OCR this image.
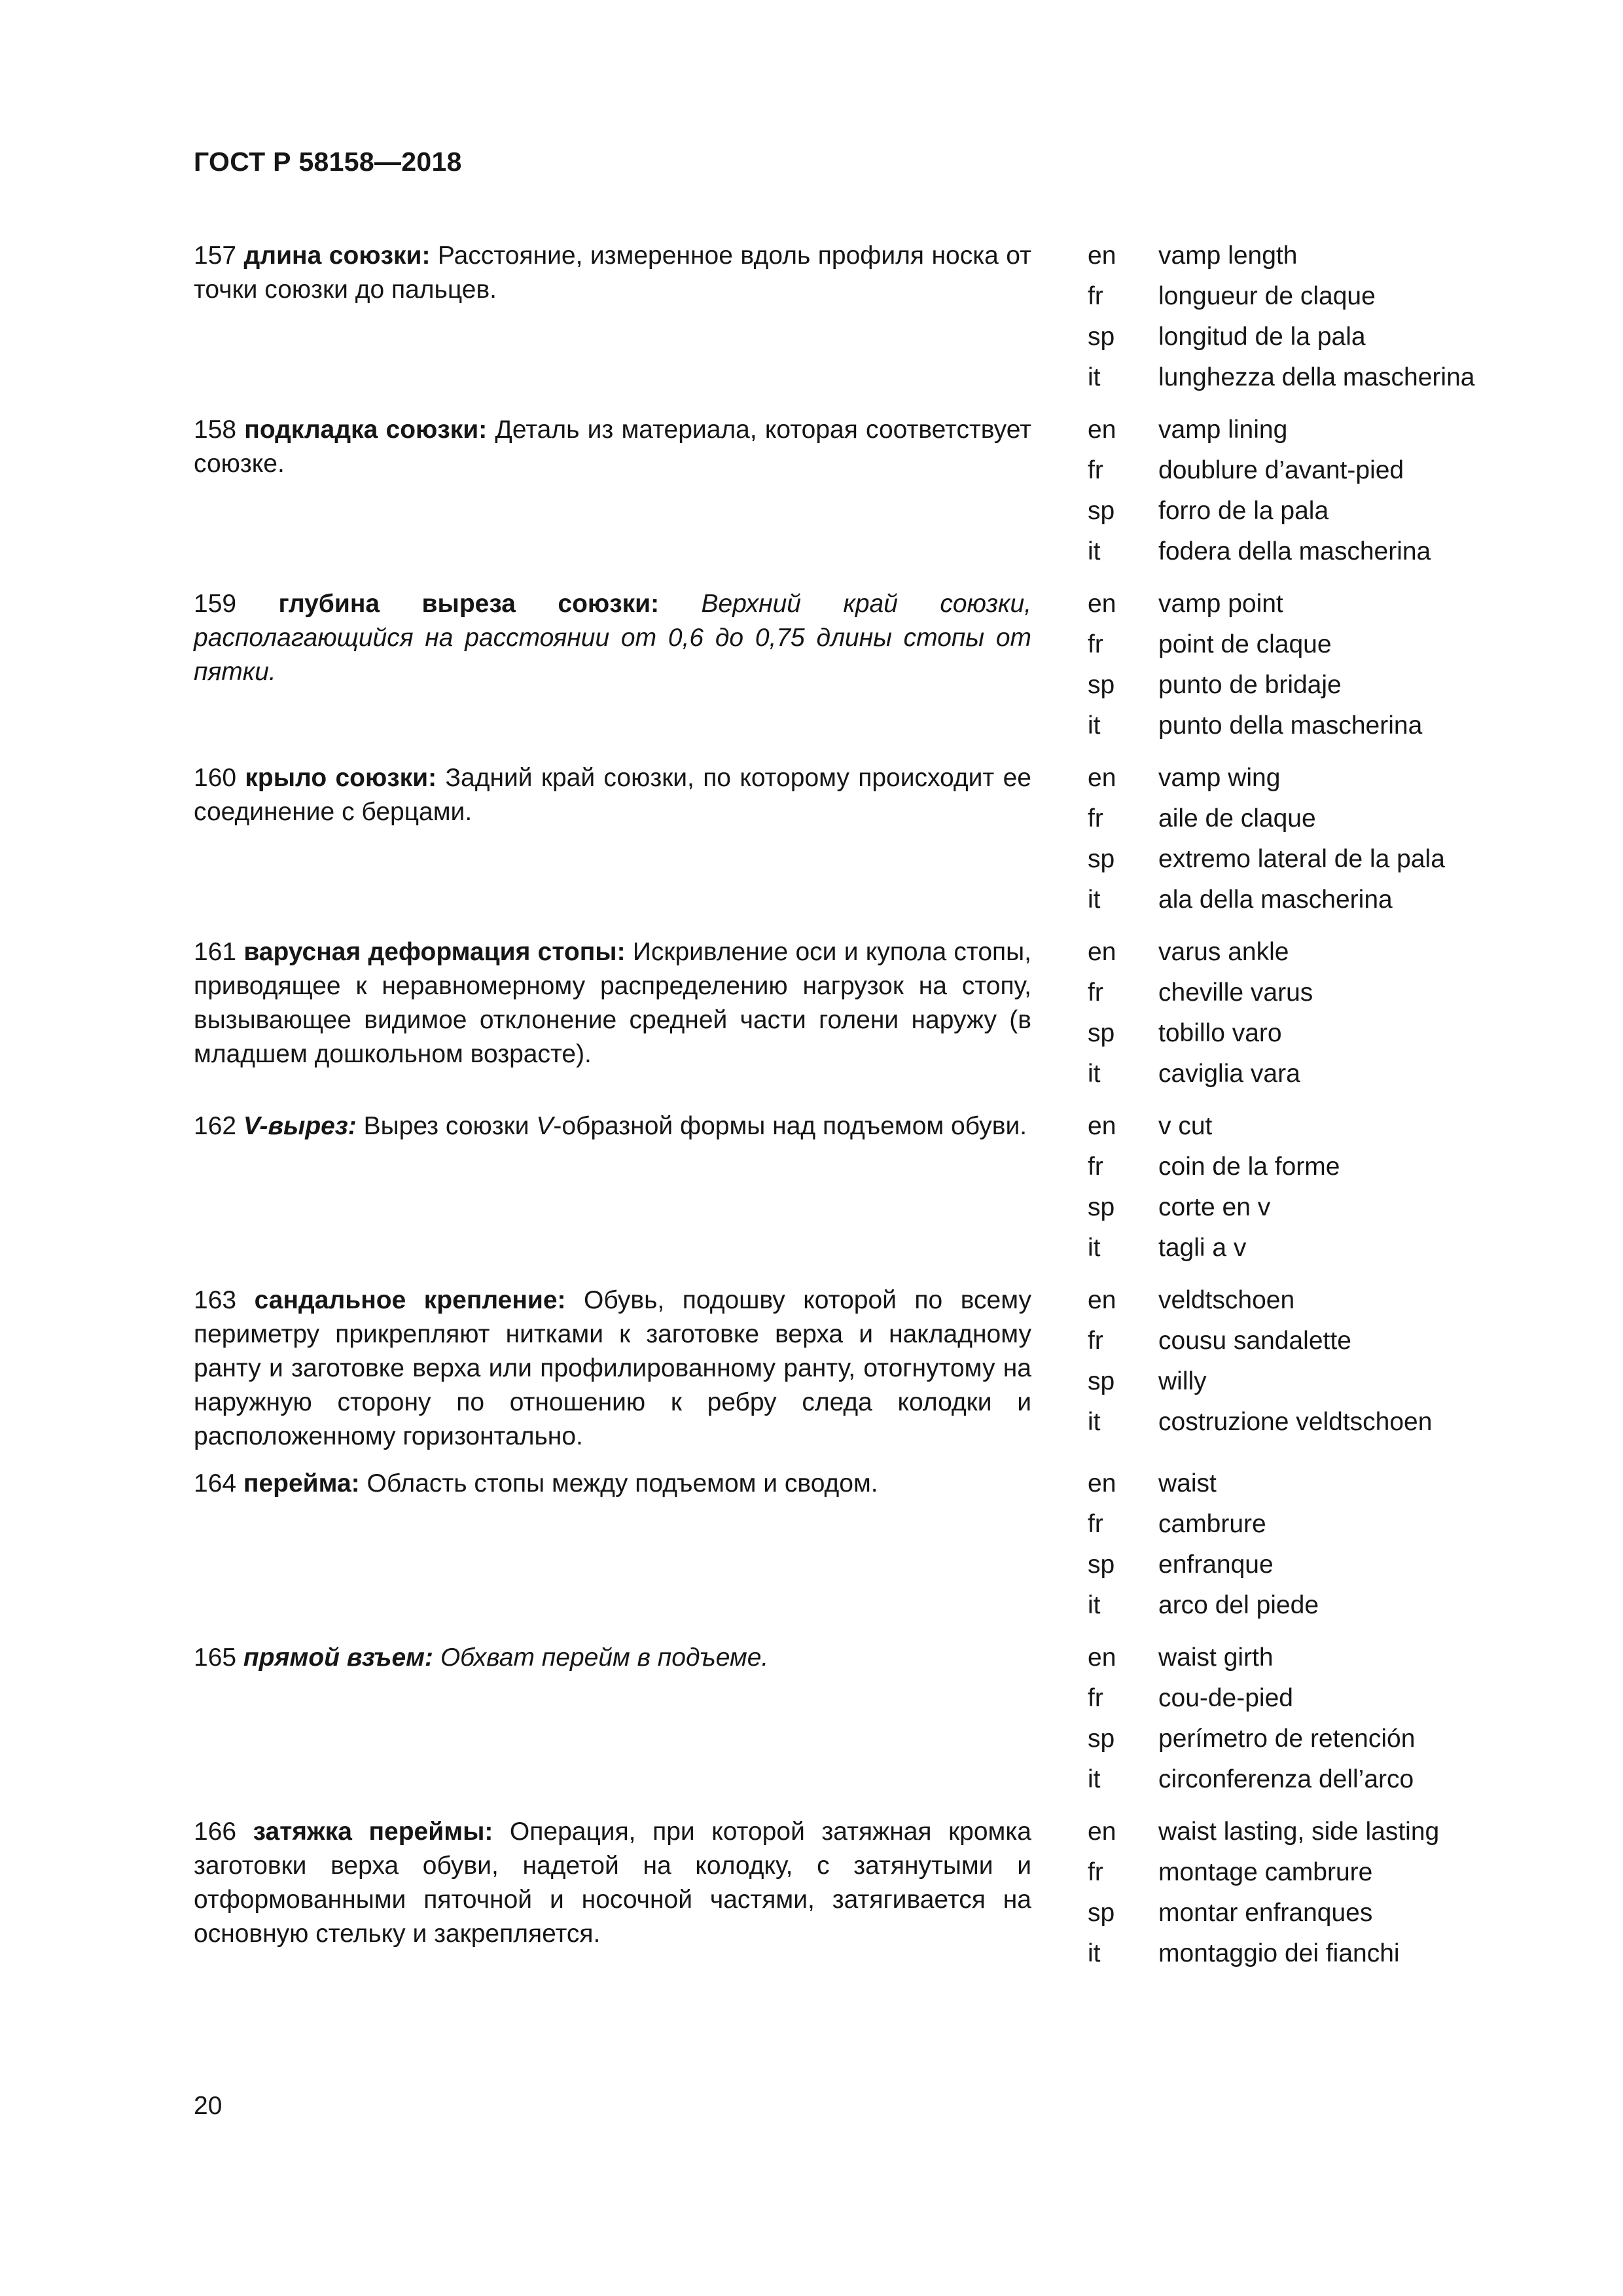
ГОСТ Р 58158—2018
157 длина союзки: Расстояние, измеренное вдоль профиля носка от точки союзки до пальцев.
en vamp length
fr longueur de claque
sp longitud de la pala
it lunghezza della mascherina
158 подкладка союзки: Деталь из материала, которая соответствует союзке.
en vamp lining
fr doublure d’avant-pied
sp forro de la pala
it fodera della mascherina
159 глубина выреза союзки: Верхний край союзки, располагающийся на расстоянии от 0,6 до 0,75 длины стопы от пятки.
en vamp point
fr point de claque
sp punto de bridaje
it punto della mascherina
160 крыло союзки: Задний край союзки, по которому происходит ее соединение с берцами.
en vamp wing
fr aile de claque
sp extremo lateral de la pala
it ala della mascherina
161 варусная деформация стопы: Искривление оси и купола стопы, приводящее к неравномерному распределению нагрузок на стопу, вызывающее видимое отклонение средней части голени наружу (в младшем дошкольном возрасте).
en varus ankle
fr cheville varus
sp tobillo varo
it caviglia vara
162 V-вырез: Вырез союзки V-образной формы над подъемом обуви. en v cut
fr coin de la forme
sp corte en v
it tagli a v
163 сандальное крепление: Обувь, подошву которой по всему периметру прикрепляют нитками к заготовке верха и накладному ранту и заготовке верха или профилированному ранту, отогнутому на наружную сторону по отношению к ребру следа колодки и расположенному горизонтально.
en veldtschoen
fr cousu sandalette
sp willy
it costruzione veldtschoen
164 перейма: Область стопы между подъемом и сводом.	en waist
fr cambrure
sp enfranque
it arco del piede
165 прямой взъем: Обхват перейм в подъеме.	en waist girth
fr cou-de-pied
sp perímetro de retención
it circonferenza dell’arco
166 затяжка переймы: Операция, при которой затяжная кромка заготовки верха обуви, надетой на колодку, с затянутыми и отформованными пяточной и носочной частями, затягивается на основную стельку и закрепляется.
en waist lasting, side lasting
fr montage cambrure
sp montar enfranques
it montaggio dei fianchi
20
